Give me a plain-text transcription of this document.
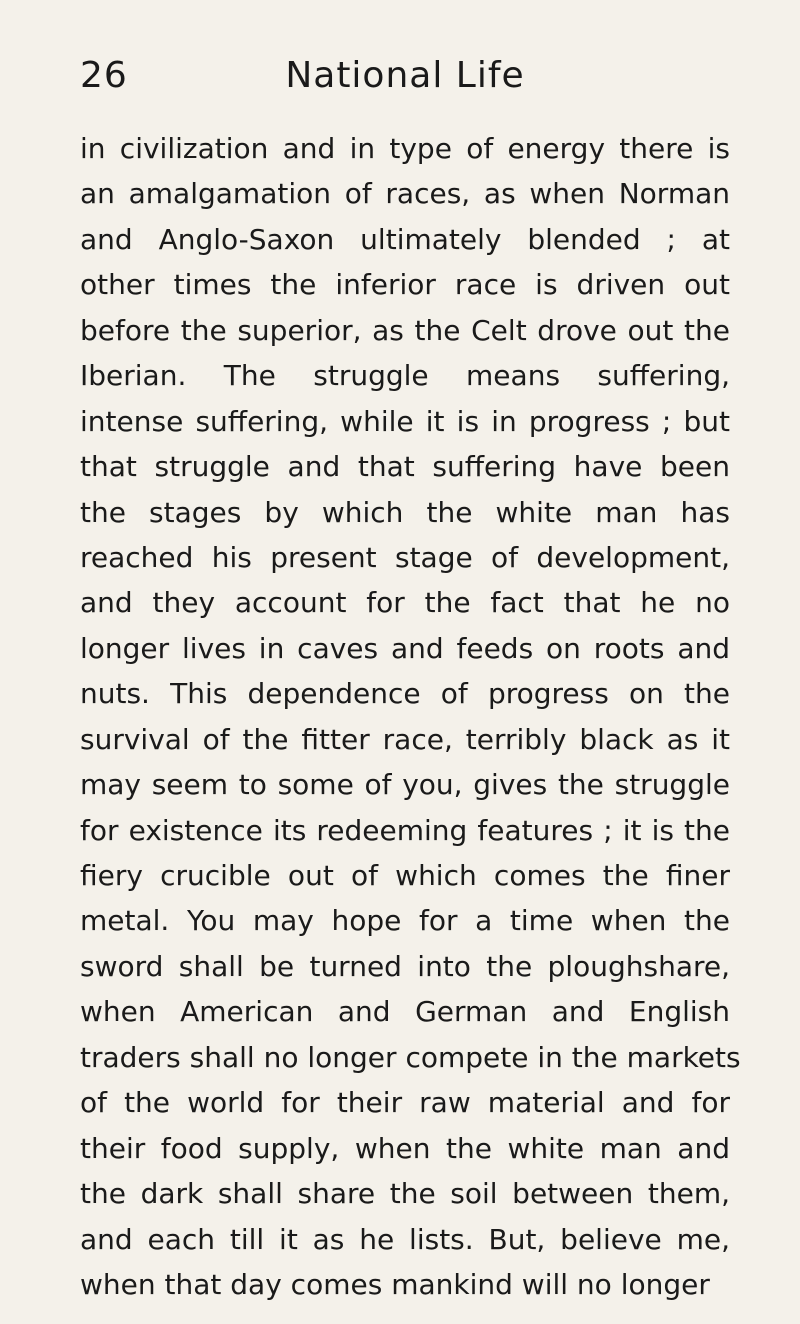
26	National Life
in civilization and in type of energy there is
an amalgamation of races, as when Norman
and Anglo-Saxon ultimately blended ; at
other times the inferior race is driven out
before the superior, as the Celt drove out the
Iberian. The struggle means suffering,
intense suffering, while it is in progress ; but
that struggle and that suffering have been
the stages by which the white man has
reached his present stage of development,
and they account for the fact that he no
longer lives in caves and feeds on roots and
nuts. This dependence of progress on the
survival of the fitter race, terribly black as it
may seem to some of you, gives the struggle
for existence its redeeming features ; it is the
fiery crucible out of which comes the finer
metal. You may hope for a time when the
sword shall be turned into the ploughshare,
when American and German and English
traders shall no longer compete in the markets
of the world for their raw material and for
their food supply, when the white man and
the dark shall share the soil between them,
and each till it as he lists. But, believe me,
when that day comes mankind will no longer
